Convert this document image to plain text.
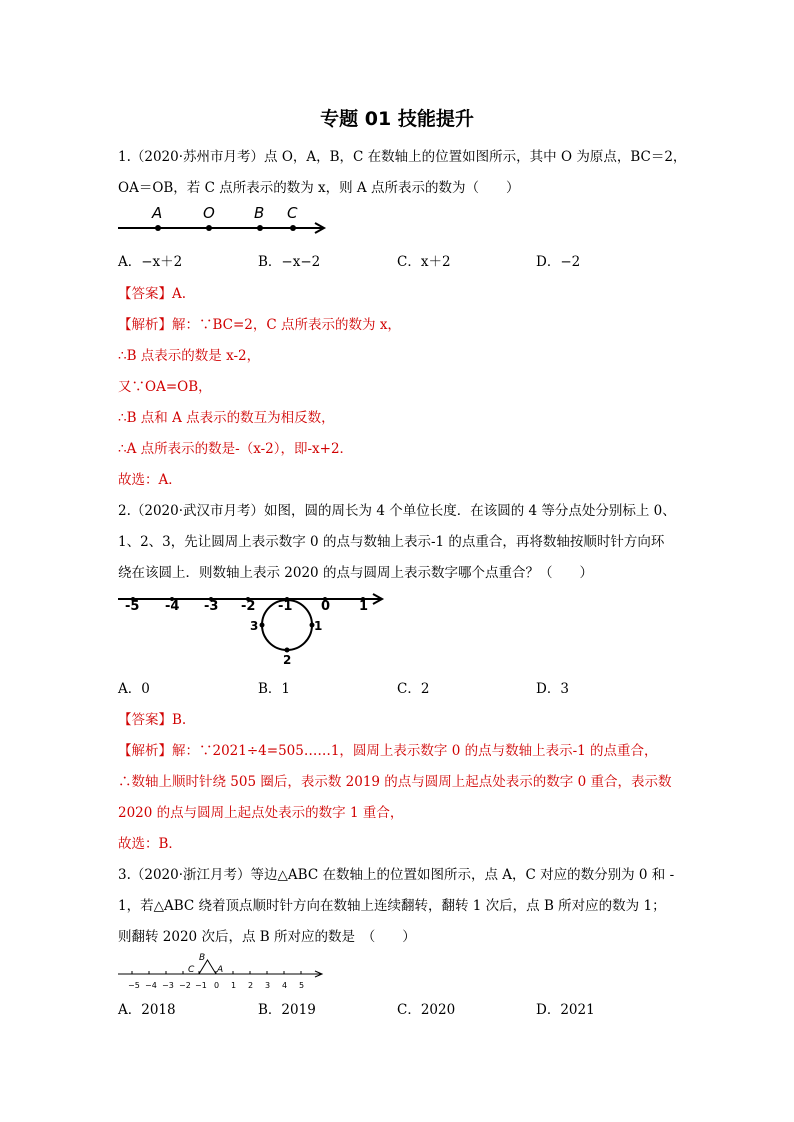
专题 01 技能提升
1.（2020·苏州市月考）点 O，A，B，C 在数轴上的位置如图所示，其中 O 为原点，BC＝2，
OA＝OB，若 C 点所表示的数为 x，则 A 点所表示的数为（　　）
A	O	B C
A．−x＋2	B．−x−2	C．x＋2	D．−2
【答案】A.
【解析】解：∵BC=2，C 点所表示的数为 x，
∴B 点表示的数是 x-2，
又∵OA=OB，
∴B 点和 A 点表示的数互为相反数，
∴A 点所表示的数是-（x-2），即-x+2．
故选：A．
2.（2020·武汉市月考）如图，圆的周长为 4 个单位长度．在该圆的 4 等分点处分别标上 0、
1、2、3，先让圆周上表示数字 0 的点与数轴上表示-1 的点重合，再将数轴按顺时针方向环
绕在该圆上．则数轴上表示 2020 的点与圆周上表示数字哪个点重合？（　　）
-5 -4 -3 -2 -1 0 1
3	1
2
A．0	B．1	C．2	D．3
【答案】B.
【解析】解：∵2021÷4=505……1，圆周上表示数字 0 的点与数轴上表示-1 的点重合，
∴数轴上顺时针绕 505 圈后，表示数 2019 的点与圆周上起点处表示的数字 0 重合，表示数
2020 的点与圆周上起点处表示的数字 1 重合，
故选：B．
3.（2020·浙江月考）等边△ABC 在数轴上的位置如图所示，点 A，C 对应的数分别为 0 和 -
1，若△ABC 绕着顶点顺时针方向在数轴上连续翻转，翻转 1 次后，点 B 所对应的数为 1；
则翻转 2020 次后，点 B 所对应的数是　（　　）
−5 −4 −3 −2 −1 0 1 2 3 4 5
B
C	A
A．2018	B．2019	C．2020	D．2021
